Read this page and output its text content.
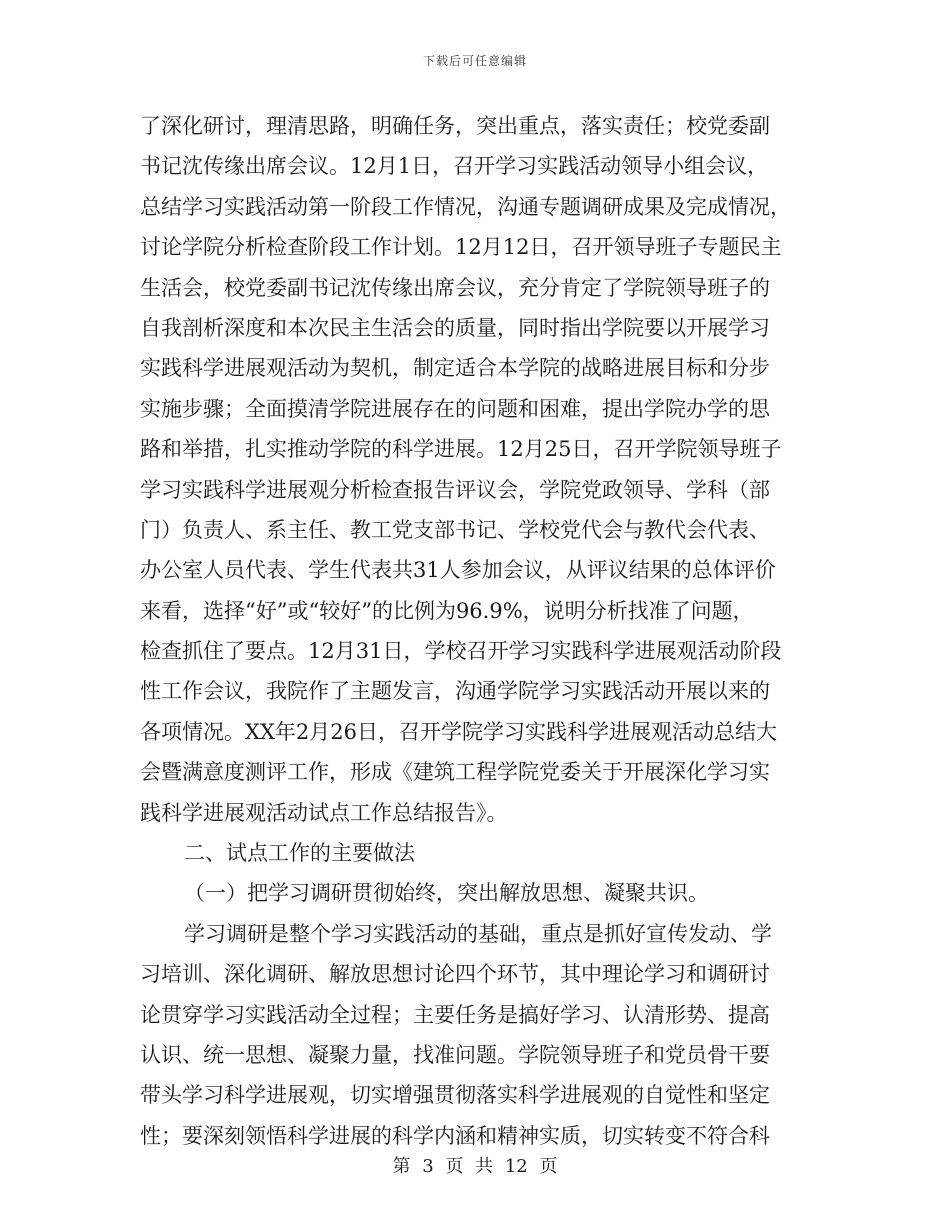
下载后可任意编辑
了深化研讨，理清思路，明确任务，突出重点，落实责任；校党委副
书记沈传缘出席会议。12月1日，召开学习实践活动领导小组会议，
总结学习实践活动第一阶段工作情况，沟通专题调研成果及完成情况，
讨论学院分析检查阶段工作计划。12月12日，召开领导班子专题民主
生活会，校党委副书记沈传缘出席会议，充分肯定了学院领导班子的
自我剖析深度和本次民主生活会的质量，同时指出学院要以开展学习
实践科学进展观活动为契机，制定适合本学院的战略进展目标和分步
实施步骤；全面摸清学院进展存在的问题和困难，提出学院办学的思
路和举措，扎实推动学院的科学进展。12月25日，召开学院领导班子
学习实践科学进展观分析检查报告评议会，学院党政领导、学科（部
门）负责人、系主任、教工党支部书记、学校党代会与教代会代表、
办公室人员代表、学生代表共31人参加会议，从评议结果的总体评价
来看，选择“好”或“较好”的比例为96.9%，说明分析找准了问题，
检查抓住了要点。12月31日，学校召开学习实践科学进展观活动阶段
性工作会议，我院作了主题发言，沟通学院学习实践活动开展以来的
各项情况。XX年2月26日，召开学院学习实践科学进展观活动总结大
会暨满意度测评工作，形成《建筑工程学院党委关于开展深化学习实
践科学进展观活动试点工作总结报告》。
二、试点工作的主要做法
（一）把学习调研贯彻始终，突出解放思想、凝聚共识。
学习调研是整个学习实践活动的基础，重点是抓好宣传发动、学
习培训、深化调研、解放思想讨论四个环节，其中理论学习和调研讨
论贯穿学习实践活动全过程；主要任务是搞好学习、认清形势、提高
认识、统一思想、凝聚力量，找准问题。学院领导班子和党员骨干要
带头学习科学进展观，切实增强贯彻落实科学进展观的自觉性和坚定
性；要深刻领悟科学进展的科学内涵和精神实质，切实转变不符合科
第 3 页 共 12 页
